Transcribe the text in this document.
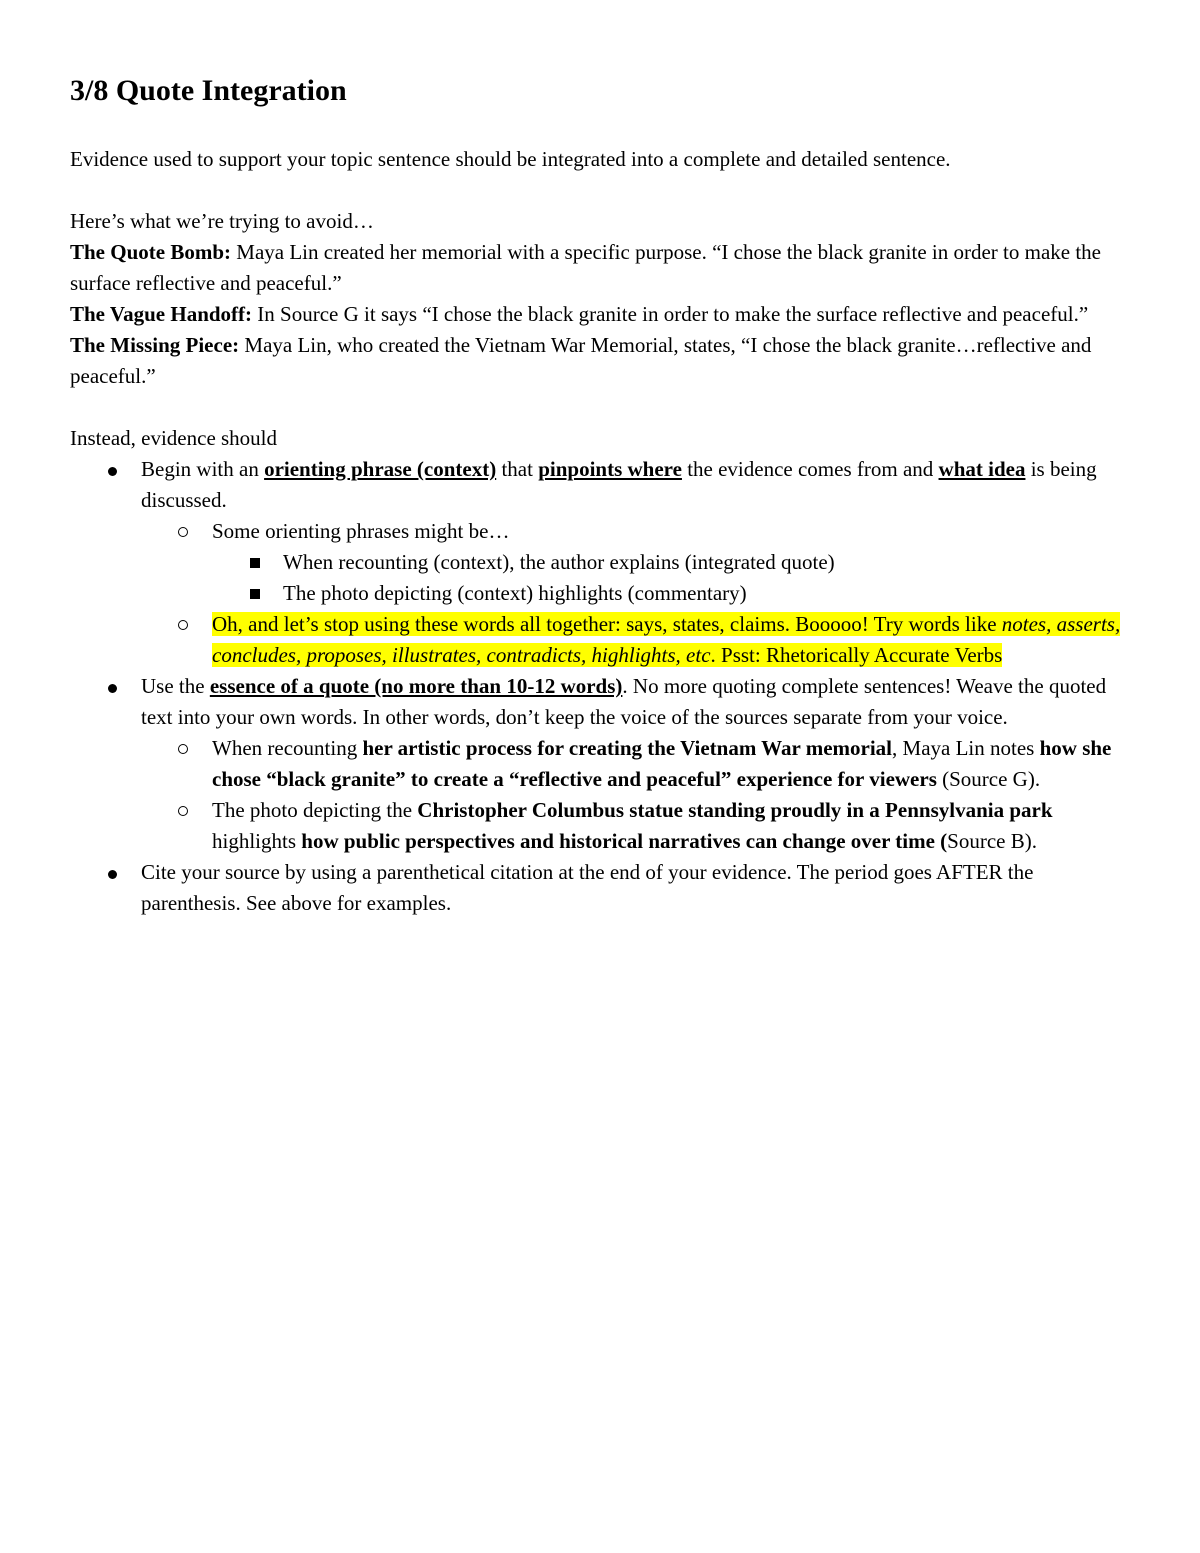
3/8 Quote Integration

Evidence used to support your topic sentence should be integrated into a complete and detailed sentence.

Here’s what we’re trying to avoid…

The Quote Bomb: Maya Lin created her memorial with a specific purpose. “I chose the black granite in order to make the surface reflective and peaceful.”

The Vague Handoff: In Source G it says “I chose the black granite in order to make the surface reflective and peaceful.”

The Missing Piece: Maya Lin, who created the Vietnam War Memorial, states, “I chose the black granite…reflective and peaceful.”

Instead, evidence should

Begin with an orienting phrase (context) that pinpoints where the evidence comes from and what idea is being discussed.
Some orienting phrases might be…
When recounting (context), the author explains (integrated quote)
The photo depicting (context) highlights (commentary)
Oh, and let’s stop using these words all together: says, states, claims. Booooo! Try words like notes, asserts, concludes, proposes, illustrates, contradicts, highlights, etc. Psst: Rhetorically Accurate Verbs
Use the essence of a quote (no more than 10-12 words). No more quoting complete sentences! Weave the quoted text into your own words. In other words, don’t keep the voice of the sources separate from your voice.
When recounting her artistic process for creating the Vietnam War memorial, Maya Lin notes how she chose “black granite” to create a “reflective and peaceful” experience for viewers (Source G).
The photo depicting the Christopher Columbus statue standing proudly in a Pennsylvania park highlights how public perspectives and historical narratives can change over time (Source B).
Cite your source by using a parenthetical citation at the end of your evidence. The period goes AFTER the parenthesis. See above for examples.
